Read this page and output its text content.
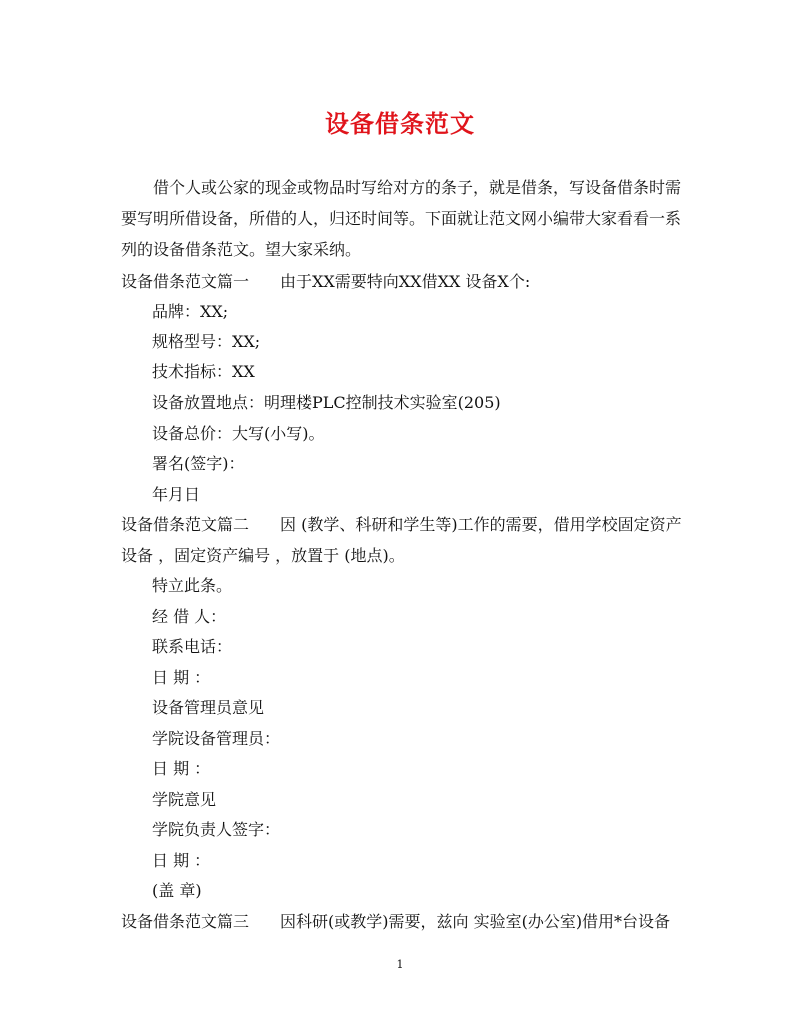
设备借条范文

借个人或公家的现金或物品时写给对方的条子，就是借条，写设备借条时需要写明所借设备，所借的人，归还时间等。下面就让范文网小编带大家看看一系列的设备借条范文。望大家采纳。

设备借条范文篇一 由于XX需要特向XX借XX 设备X个:
品牌：XX;
规格型号：XX;
技术指标：XX
设备放置地点：明理楼PLC控制技术实验室(205)
设备总价：大写(小写)。
署名(签字)：
年月日
设备借条范文篇二 因 (教学、科研和学生等)工作的需要，借用学校固定资产
设备 ，固定资产编号 ，放置于 (地点)。
特立此条。
经 借 人：
联系电话：
日 期 ：
设备管理员意见
学院设备管理员：
日 期 ：
学院意见
学院负责人签字：
日 期 ：
(盖 章)
设备借条范文篇三 因科研(或教学)需要，兹向 实验室(办公室)借用*台设备
1
